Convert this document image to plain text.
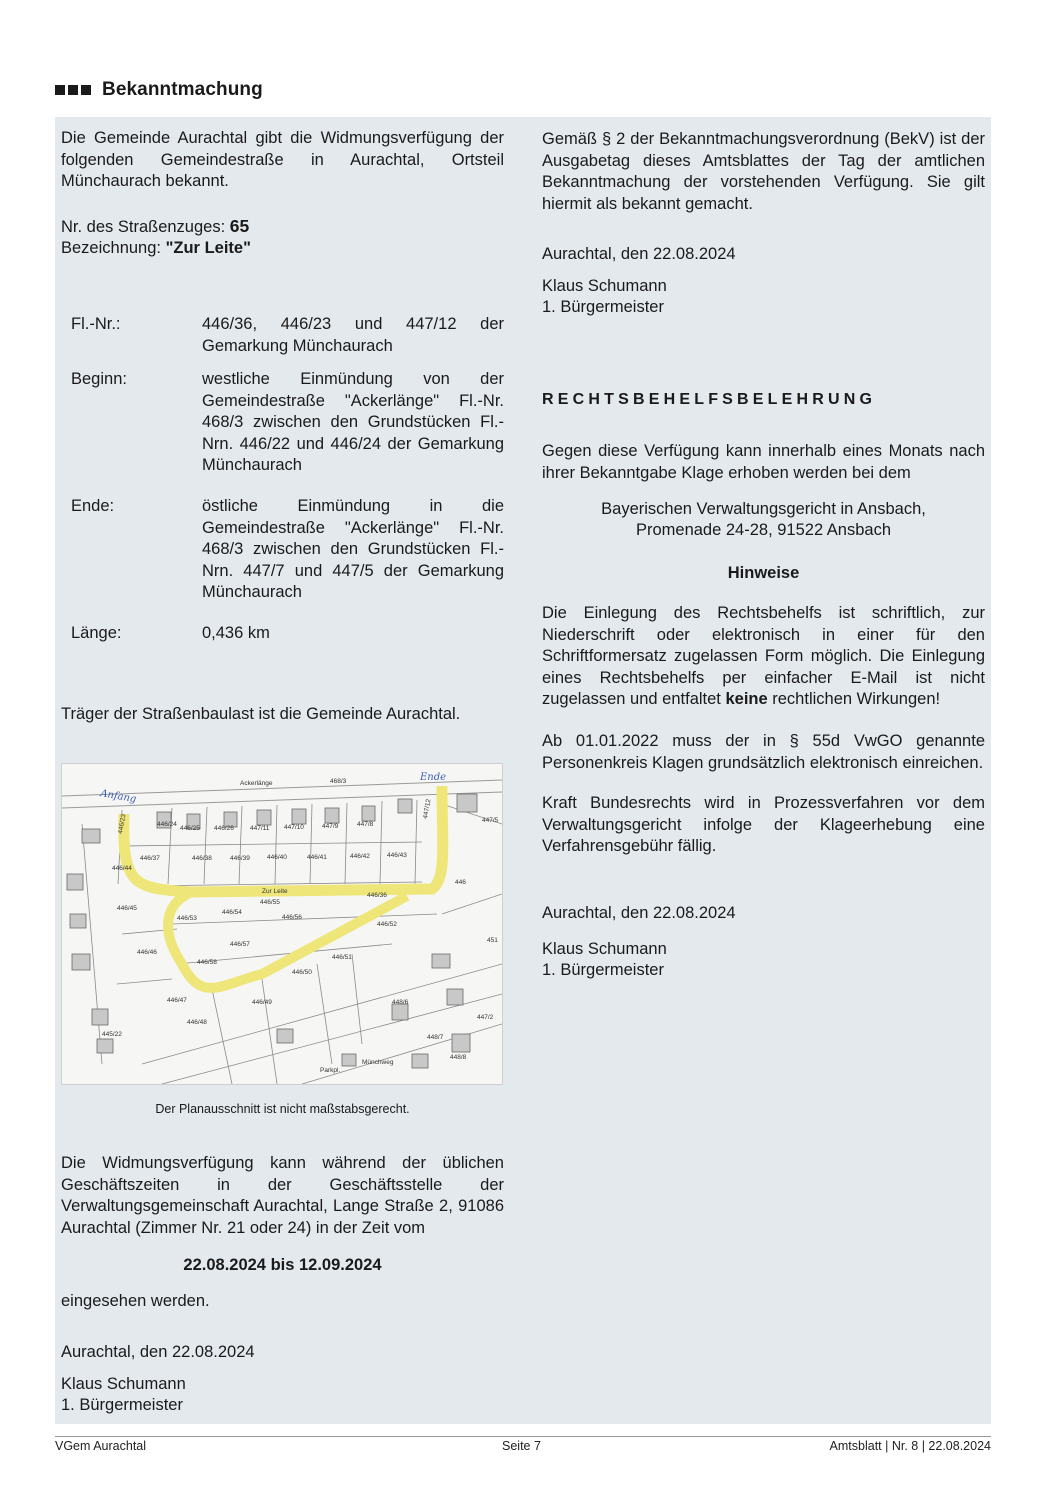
Bekanntmachung

Die Gemeinde Aurachtal gibt die Widmungsverfügung der folgenden Gemeindestraße in Aurachtal, Ortsteil Münchaurach bekannt.

Nr. des Straßenzuges: 65

Bezeichnung: "Zur Leite"

Fl.-Nr.:	446/36, 446/23 und 447/12 der Gemarkung Münchaurach
Beginn:	westliche Einmündung von der Gemeindestraße "Ackerlänge" Fl.-Nr. 468/3 zwischen den Grundstücken Fl.-Nrn. 446/22 und 446/24 der Gemarkung Münchaurach
Ende:	östliche Einmündung in die Gemeindestraße "Ackerlänge" Fl.-Nr. 468/3 zwischen den Grundstücken Fl.-Nrn. 447/7 und 447/5 der Gemarkung Münchaurach
Länge:	0,436 km

Träger der Straßenbaulast ist die Gemeinde Aurachtal.

Der Planausschnitt ist nicht maßstabsgerecht.

Die Widmungsverfügung kann während der üblichen Geschäftszeiten in der Geschäftsstelle der Verwaltungsgemeinschaft Aurachtal, Lange Straße 2, 91086 Aurachtal (Zimmer Nr. 21 oder 24) in der Zeit vom

22.08.2024 bis 12.09.2024

eingesehen werden.

Aurachtal, den 22.08.2024

Klaus Schumann

1. Bürgermeister

Gemäß § 2 der Bekanntmachungsverordnung (BekV) ist der Ausgabetag dieses Amtsblattes der Tag der amtlichen Bekanntmachung der vorstehenden Verfügung. Sie gilt hiermit als bekannt gemacht.

Aurachtal, den 22.08.2024

Klaus Schumann

1. Bürgermeister

RECHTSBEHELFSBELEHRUNG

Gegen diese Verfügung kann innerhalb eines Monats nach ihrer Bekanntgabe Klage erhoben werden bei dem

Bayerischen Verwaltungsgericht in Ansbach,

Promenade 24-28, 91522 Ansbach

Hinweise

Die Einlegung des Rechtsbehelfs ist schriftlich, zur Niederschrift oder elektronisch in einer für den Schriftformersatz zugelassen Form möglich. Die Einlegung eines Rechtsbehelfs per einfacher E-Mail ist nicht zugelassen und entfaltet keine rechtlichen Wirkungen!

Ab 01.01.2022 muss der in § 55d VwGO genannte Personenkreis Klagen grundsätzlich elektronisch einreichen.

Kraft Bundesrechts wird in Prozessverfahren vor dem Verwaltungsgericht infolge der Klageerhebung eine Verfahrensgebühr fällig.

Aurachtal, den 22.08.2024

Klaus Schumann

1. Bürgermeister

Ackerlänge	468/3
Zur Leite
Münchweg
Parkpl.
446/24
446/25 446/26 447/11 447/10	447/9	447/8
446/37	446/38	446/39	446/40	446/41	446/42	446/43
446/53
446/54
446/55
446/56
446/52
446/57
446/58
446/50
446/51
446/46
446/45
446/44
446/47
446/48
446/49	448/6
448/7
448/8
446/23
447/12
446/36
447/5
446
451
445/22
447/2
Anfang
Ende
VGem Aurachtal	Seite 7	Amtsblatt | Nr. 8 | 22.08.2024
